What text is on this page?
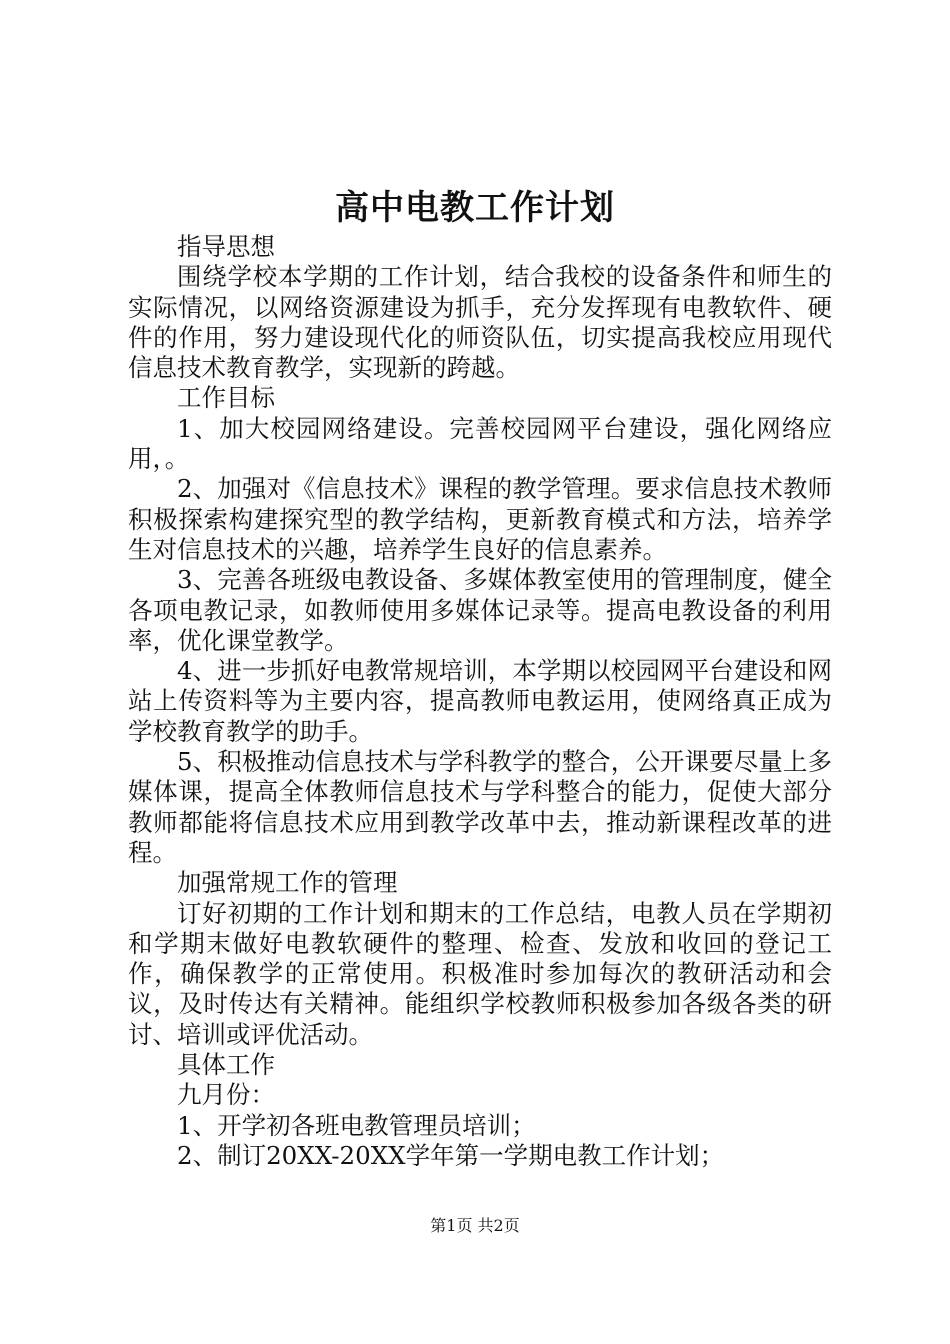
高中电教工作计划

指导思想

围绕学校本学期的工作计划，结合我校的设备条件和师生的实际情况，以网络资源建设为抓手，充分发挥现有电教软件、硬件的作用，努力建设现代化的师资队伍，切实提高我校应用现代信息技术教育教学，实现新的跨越。

工作目标

1、加大校园网络建设。完善校园网平台建设，强化网络应用，。

2、加强对《信息技术》课程的教学管理。要求信息技术教师积极探索构建探究型的教学结构，更新教育模式和方法，培养学生对信息技术的兴趣，培养学生良好的信息素养。

3、完善各班级电教设备、多媒体教室使用的管理制度，健全各项电教记录，如教师使用多媒体记录等。提高电教设备的利用率，优化课堂教学。

4、进一步抓好电教常规培训，本学期以校园网平台建设和网站上传资料等为主要内容，提高教师电教运用，使网络真正成为学校教育教学的助手。

5、积极推动信息技术与学科教学的整合，公开课要尽量上多媒体课，提高全体教师信息技术与学科整合的能力，促使大部分教师都能将信息技术应用到教学改革中去，推动新课程改革的进程。

加强常规工作的管理

订好初期的工作计划和期末的工作总结，电教人员在学期初和学期末做好电教软硬件的整理、检查、发放和收回的登记工作，确保教学的正常使用。积极准时参加每次的教研活动和会议，及时传达有关精神。能组织学校教师积极参加各级各类的研讨、培训或评优活动。

具体工作

九月份：

1、开学初各班电教管理员培训；

2、制订20XX-20XX学年第一学期电教工作计划；

第1页 共2页
